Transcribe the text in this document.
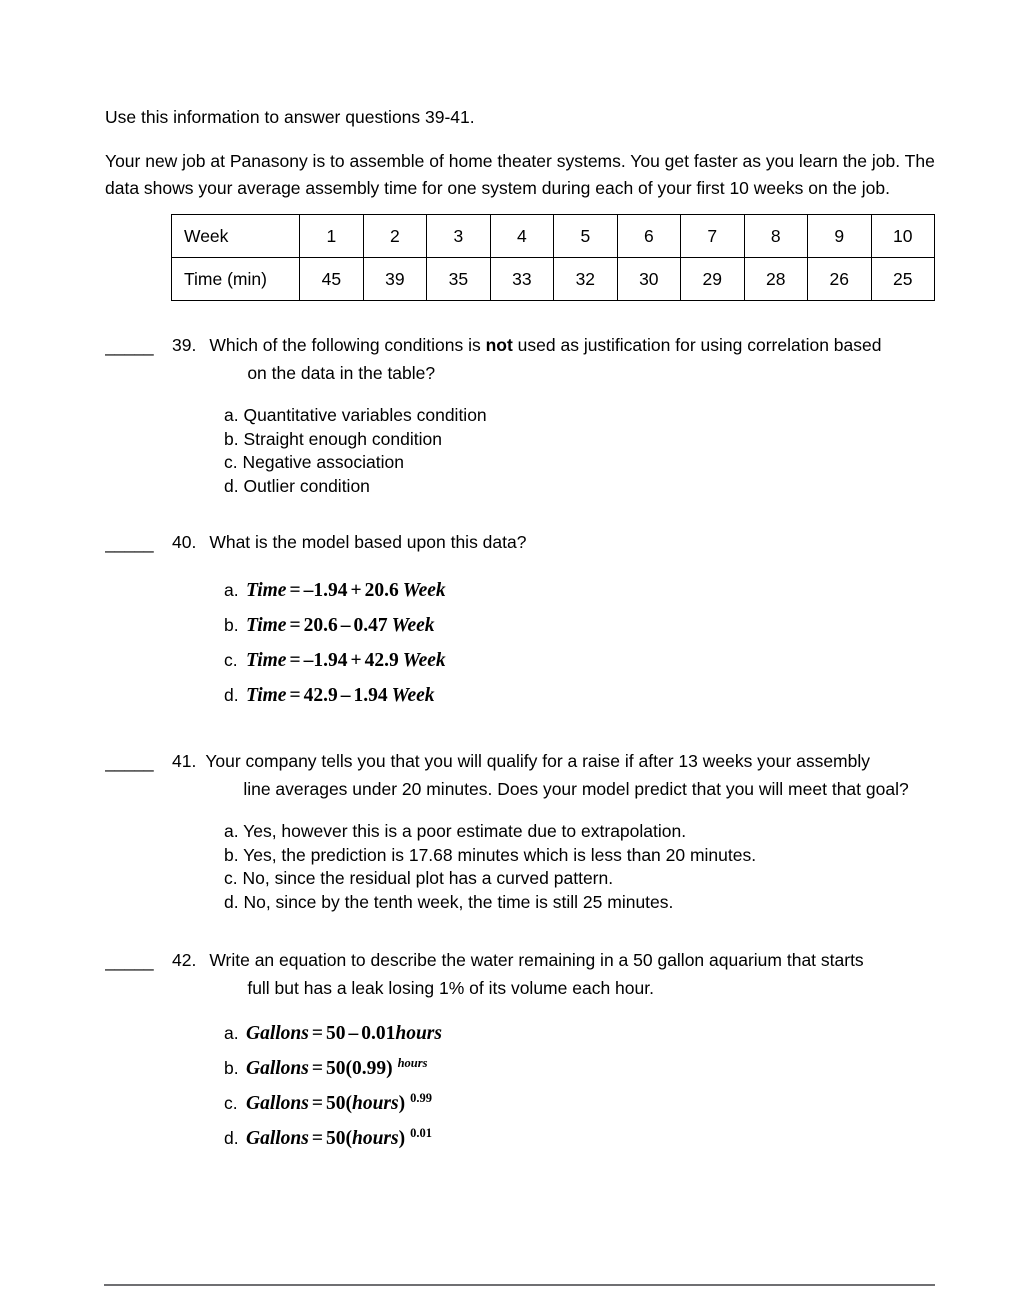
Use this information to answer questions 39-41.

Your new job at Panasony is to assemble of home theater systems. You get faster as you learn the job. The data shows your average assembly time for one system during each of your first 10 weeks on the job.

Week	1	2	3	4	5	6	7	8	9	10
Time (min)	45	39	35	33	32	30	29	28	26	25
_____	39. Which of the following conditions is not used as justification for using correlation based
on the data in the table?
a. Quantitative variables condition
b. Straight enough condition
c. Negative association
d. Outlier condition
_____	40. What is the model based upon this data?
a. Time = –1.94 + 20.6 Week
b. Time = 20.6 – 0.47 Week
c. Time = –1.94 + 42.9 Week
d. Time = 42.9 – 1.94 Week
_____	41. Your company tells you that you will qualify for a raise if after 13 weeks your assembly
line averages under 20 minutes. Does your model predict that you will meet that goal?
a. Yes, however this is a poor estimate due to extrapolation.
b. Yes, the prediction is 17.68 minutes which is less than 20 minutes.
c. No, since the residual plot has a curved pattern.
d. No, since by the tenth week, the time is still 25 minutes.
_____	42. Write an equation to describe the water remaining in a 50 gallon aquarium that starts
full but has a leak losing 1% of its volume each hour.
a. Gallons = 50 – 0.01hours
b. Gallons = 50(0.99) $^{hours}$
c. Gallons = 50(hours) $^{0.99}$
d. Gallons = 50(hours) $^{0.01}$
